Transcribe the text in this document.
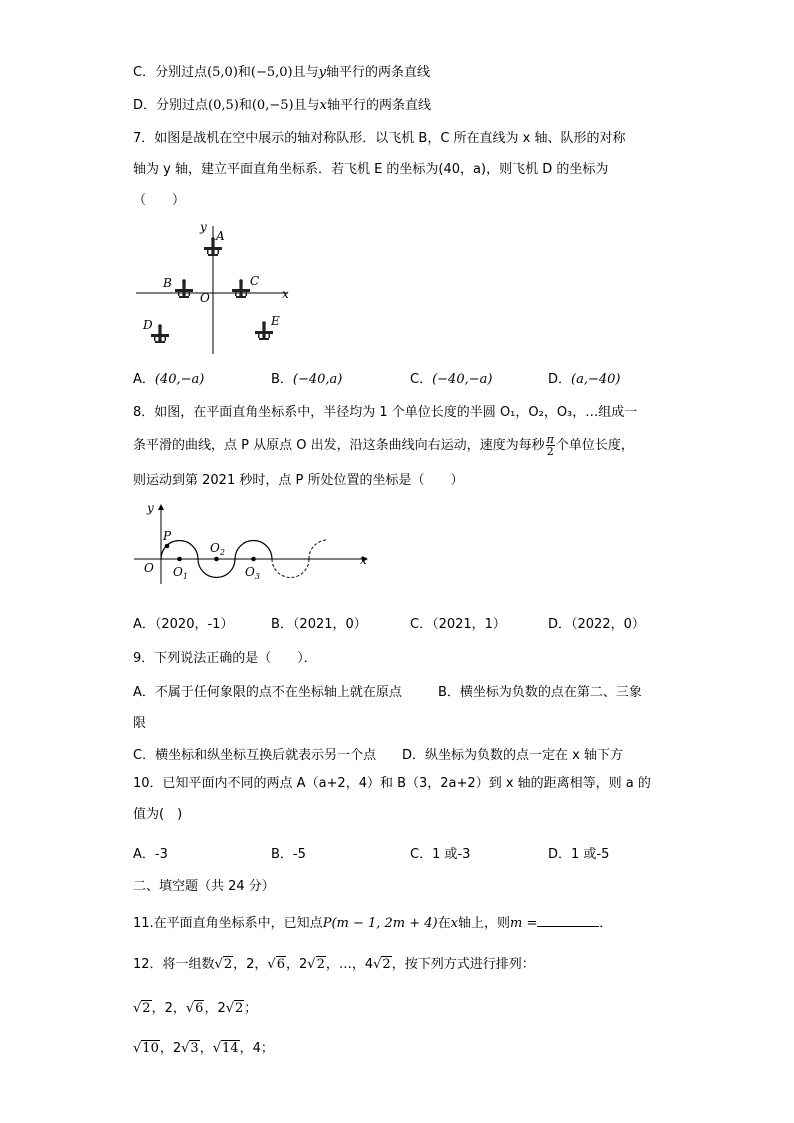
C．分别过点(5,0)和(−5,0)且与y轴平行的两条直线
D．分别过点(0,5)和(0,−5)且与x轴平行的两条直线
7．如图是战机在空中展示的轴对称队形．以飞机 B，C 所在直线为 x 轴、队形的对称
轴为 y 轴，建立平面直角坐标系．若飞机 E 的坐标为(40，a)，则飞机 D 的坐标为
（　　）
y
x
O
A
B	C
D	E
A．(40,−a)	B．(−40,a)	C．(−40,−a)	D．(a,−40)
8．如图，在平面直角坐标系中，半径均为 1 个单位长度的半圆 O₁，O₂，O₃，…组成一
条平滑的曲线，点 P 从原点 O 出发，沿这条曲线向右运动，速度为每秒 $\frac{\pi}{2}$ 个单位长度，
则运动到第 2021 秒时，点 P 所处位置的坐标是（　　）
y
x
O
P
$O_1$
$O_2$
$O_3$
A．（2020，-1）	B．（2021，0）	C．（2021，1）	D．（2022，0）
9．下列说法正确的是（　　）．
A．不属于任何象限的点不在坐标轴上就在原点	B．横坐标为负数的点在第二、三象
限
C．横坐标和纵坐标互换后就表示另一个点 D．纵坐标为负数的点一定在 x 轴下方
10．已知平面内不同的两点 A（a+2，4）和 B（3，2a+2）到 x 轴的距离相等，则 a 的
值为(　)
A．-3	B．-5	C．1 或-3	D．1 或-5
二、填空题（共 24 分）
11.在平面直角坐标系中，已知点P(m − 1, 2m + 4)在x轴上，则m =	．
12．将一组数√2，2，√6，2√2，…，4√2，按下列方式进行排列：
√2，2，√6，2√2；
√10，2√3，√14，4；
